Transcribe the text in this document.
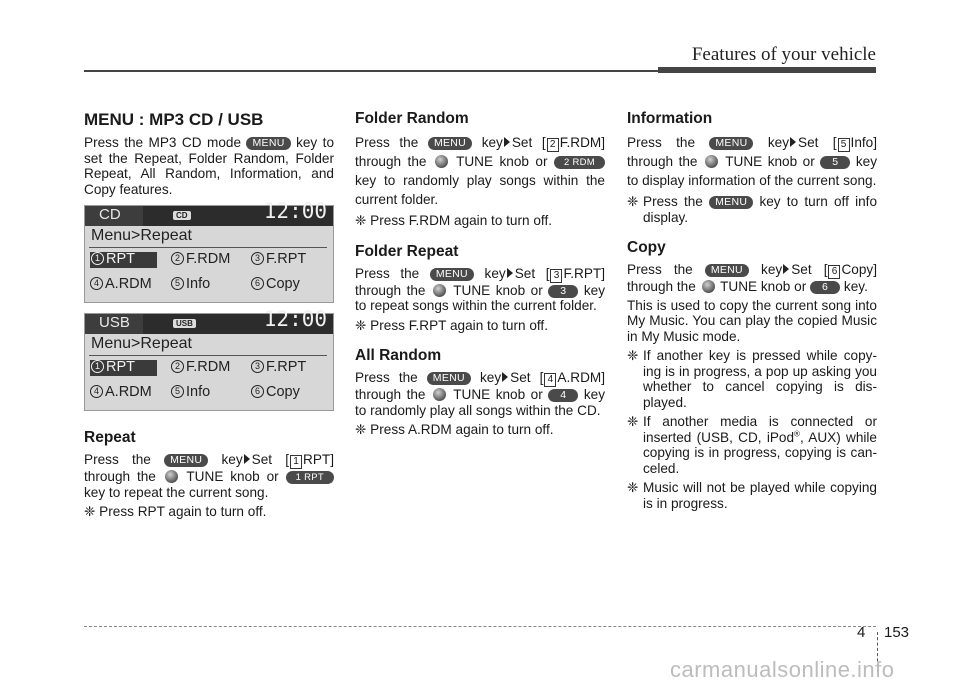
Features of your vehicle
MENU : MP3 CD / USB

Press the MP3 CD mode MENU key to set the Repeat, Folder Random, Folder Repeat, All Random, Information, and Copy features.

CD	CD	12:00
Menu>Repeat
1 RPT	2 F.RDM	3 F.RPT
4 A.RDM	5 Info	6 Copy
USB	USB	12:00
Menu>Repeat
1 RPT	2 F.RDM	3 F.RPT
4 A.RDM	5 Info	6 Copy
Repeat

Press the MENU key Set [ 1 RPT] through the TUNE knob or 1 RPT key to repeat the current song.

❈ Press RPT again to turn off.
Folder Random

Press the MENU key Set [ 2 F.RDM] through the TUNE knob or 2 RDM key to randomly play songs within the current folder.

❈ Press F.RDM again to turn off.
Folder Repeat

Press the MENU key Set [ 3 F.RPT] through the TUNE knob or 3 key to repeat songs within the current folder.

❈ Press F.RPT again to turn off.
All Random

Press the MENU key Set [ 4 A.RDM] through the TUNE knob or 4 key to randomly play all songs within the CD.

❈ Press A.RDM again to turn off.
Information

Press the MENU key Set [ 5 Info] through the TUNE knob or 5 key to display information of the current song.

❈ Press the MENU key to turn off info display.
Copy

Press the MENU key Set [ 6 Copy] through the TUNE knob or 6 key.

This is used to copy the current song into My Music. You can play the copied Music in My Music mode.

❈ If another key is pressed while copy-ing is in progress, a pop up asking you whether to cancel copying is dis-played.
❈ If another media is connected or inserted (USB, CD, iPod®, AUX) while copying is in progress, copying is can-celed.
❈ Music will not be played while copying is in progress.
4 153
carmanualsonline.info
